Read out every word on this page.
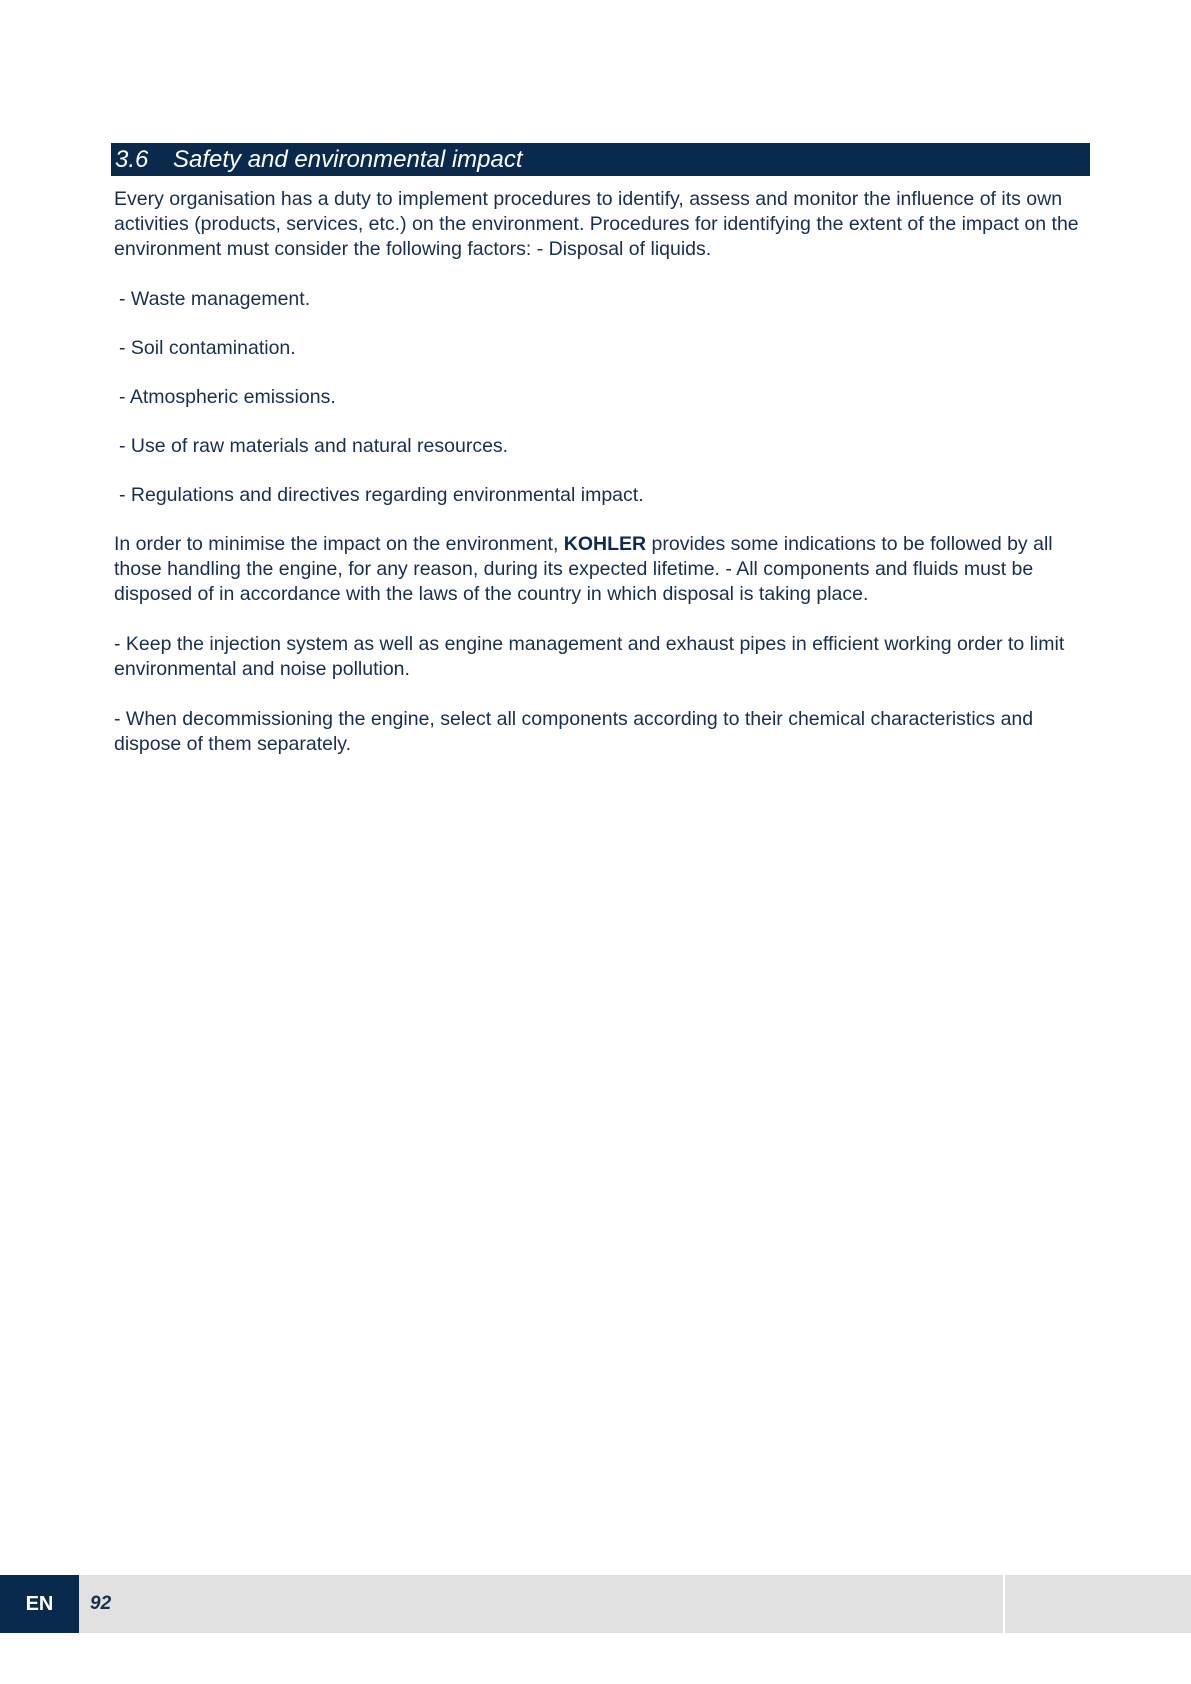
3.6 Safety and environmental impact

Every organisation has a duty to implement procedures to identify, assess and monitor the influence of its own activities (products, services, etc.) on the environment. Procedures for identifying the extent of the impact on the environment must consider the following factors: - Disposal of liquids.

- Waste management.

- Soil contamination.

- Atmospheric emissions.

- Use of raw materials and natural resources.

- Regulations and directives regarding environmental impact.

In order to minimise the impact on the environment, KOHLER provides some indications to be followed by all those handling the engine, for any reason, during its expected lifetime. - All components and fluids must be disposed of in accordance with the laws of the country in which disposal is taking place.

- Keep the injection system as well as engine management and exhaust pipes in efficient working order to limit environmental and noise pollution.

- When decommissioning the engine, select all components according to their chemical characteristics and dispose of them separately.

EN	92
